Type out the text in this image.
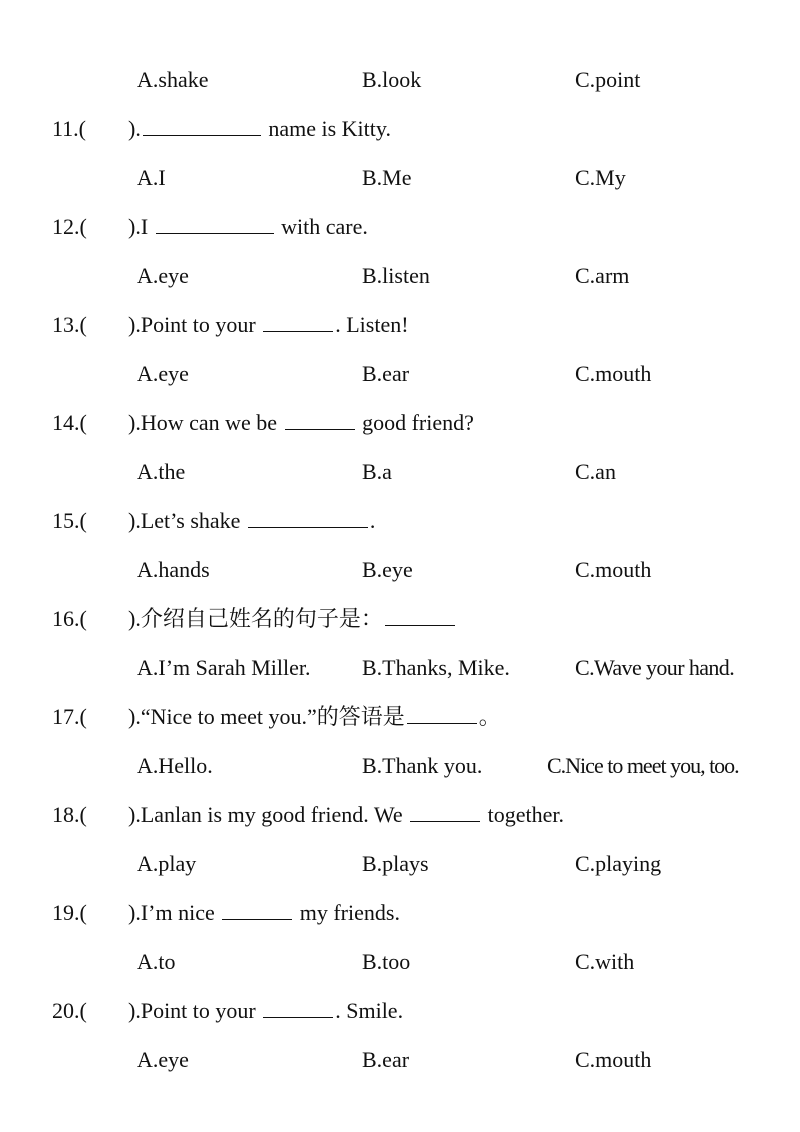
A.shake	B.look	C.point
11.( ).	name is Kitty.
A.I	B.Me	C.My
12.( ).I	with care.
A.eye	B.listen	C.arm
13.( ).Point to your	. Listen!
A.eye	B.ear	C.mouth
14.( ).How can we be	good friend?
A.the	B.a	C.an
15.( ).Let’s shake	.
A.hands	B.eye	C.mouth
16.( ).介绍自己姓名的句子是：
A.I’m Sarah Miller. B.Thanks, Mike.	C.Wave your hand.
17.( ).“Nice to meet you.”的答语是	。
A.Hello.	B.Thank you.	C.Nice to meet you, too.
18.( ).Lanlan is my good friend. We	together.
A.play	B.plays	C.playing
19.( ).I’m nice	my friends.
A.to	B.too	C.with
20.( ).Point to your	. Smile.
A.eye	B.ear	C.mouth
